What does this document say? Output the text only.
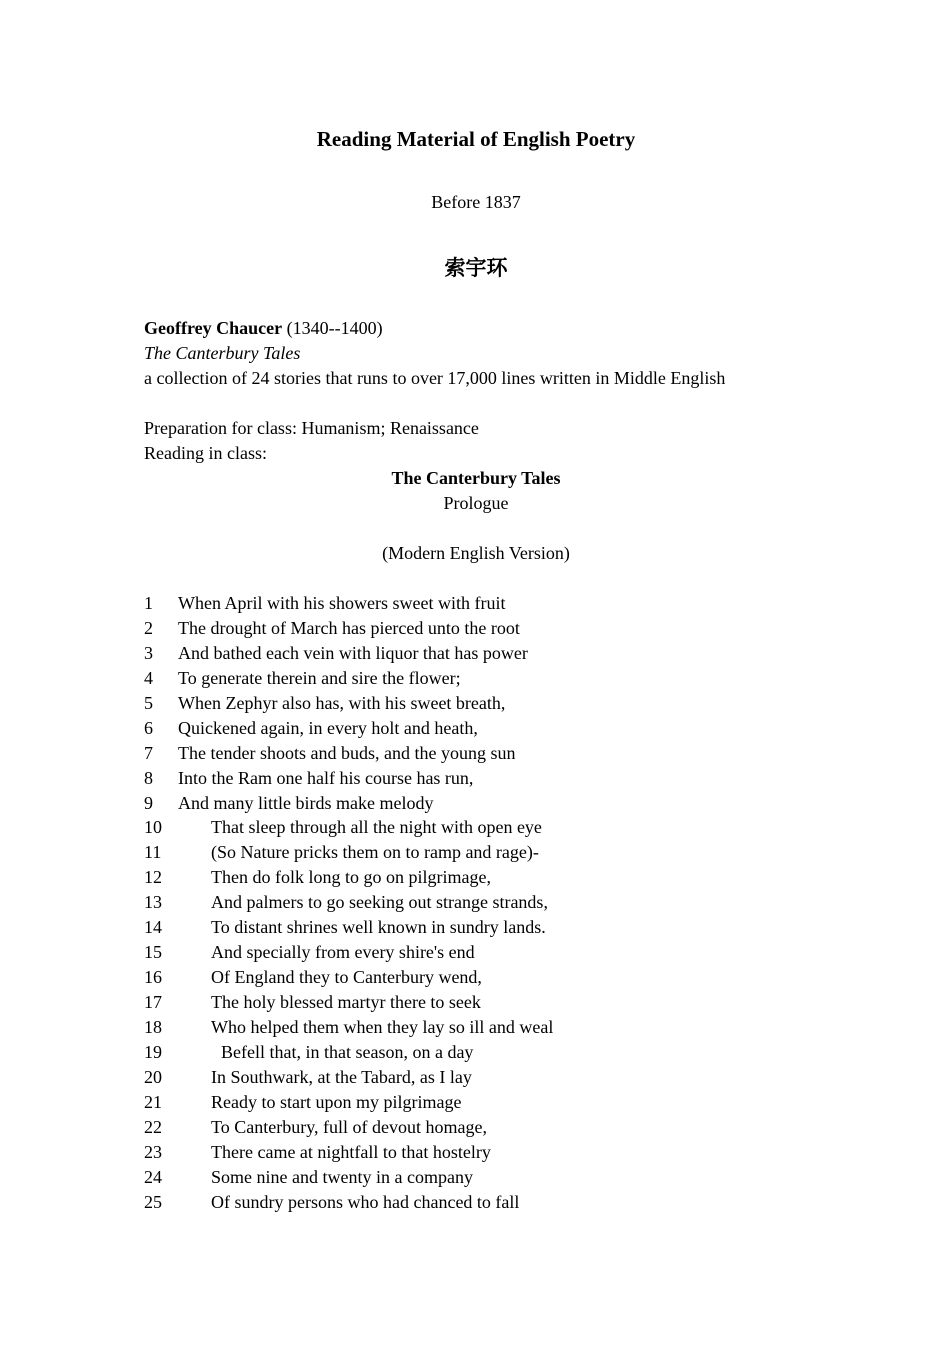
Reading Material of English Poetry
Before 1837
索宇环
Geoffrey Chaucer (1340--1400)
The Canterbury Tales
a collection of 24 stories that runs to over 17,000 lines written in Middle English
Preparation for class: Humanism; Renaissance
Reading in class:
The Canterbury Tales
Prologue
(Modern English Version)
1 When April with his showers sweet with fruit
2 The drought of March has pierced unto the root
3 And bathed each vein with liquor that has power
4 To generate therein and sire the flower;
5 When Zephyr also has, with his sweet breath,
6 Quickened again, in every holt and heath,
7 The tender shoots and buds, and the young sun
8 Into the Ram one half his course has run,
9 And many little birds make melody
10	That sleep through all the night with open eye
11	(So Nature pricks them on to ramp and rage)-
12	Then do folk long to go on pilgrimage,
13	And palmers to go seeking out strange strands,
14	To distant shrines well known in sundry lands.
15	And specially from every shire's end
16	Of England they to Canterbury wend,
17	The holy blessed martyr there to seek
18	Who helped them when they lay so ill and weal
19	Befell that, in that season, on a day
20	In Southwark, at the Tabard, as I lay
21	Ready to start upon my pilgrimage
22	To Canterbury, full of devout homage,
23	There came at nightfall to that hostelry
24	Some nine and twenty in a company
25	Of sundry persons who had chanced to fall
